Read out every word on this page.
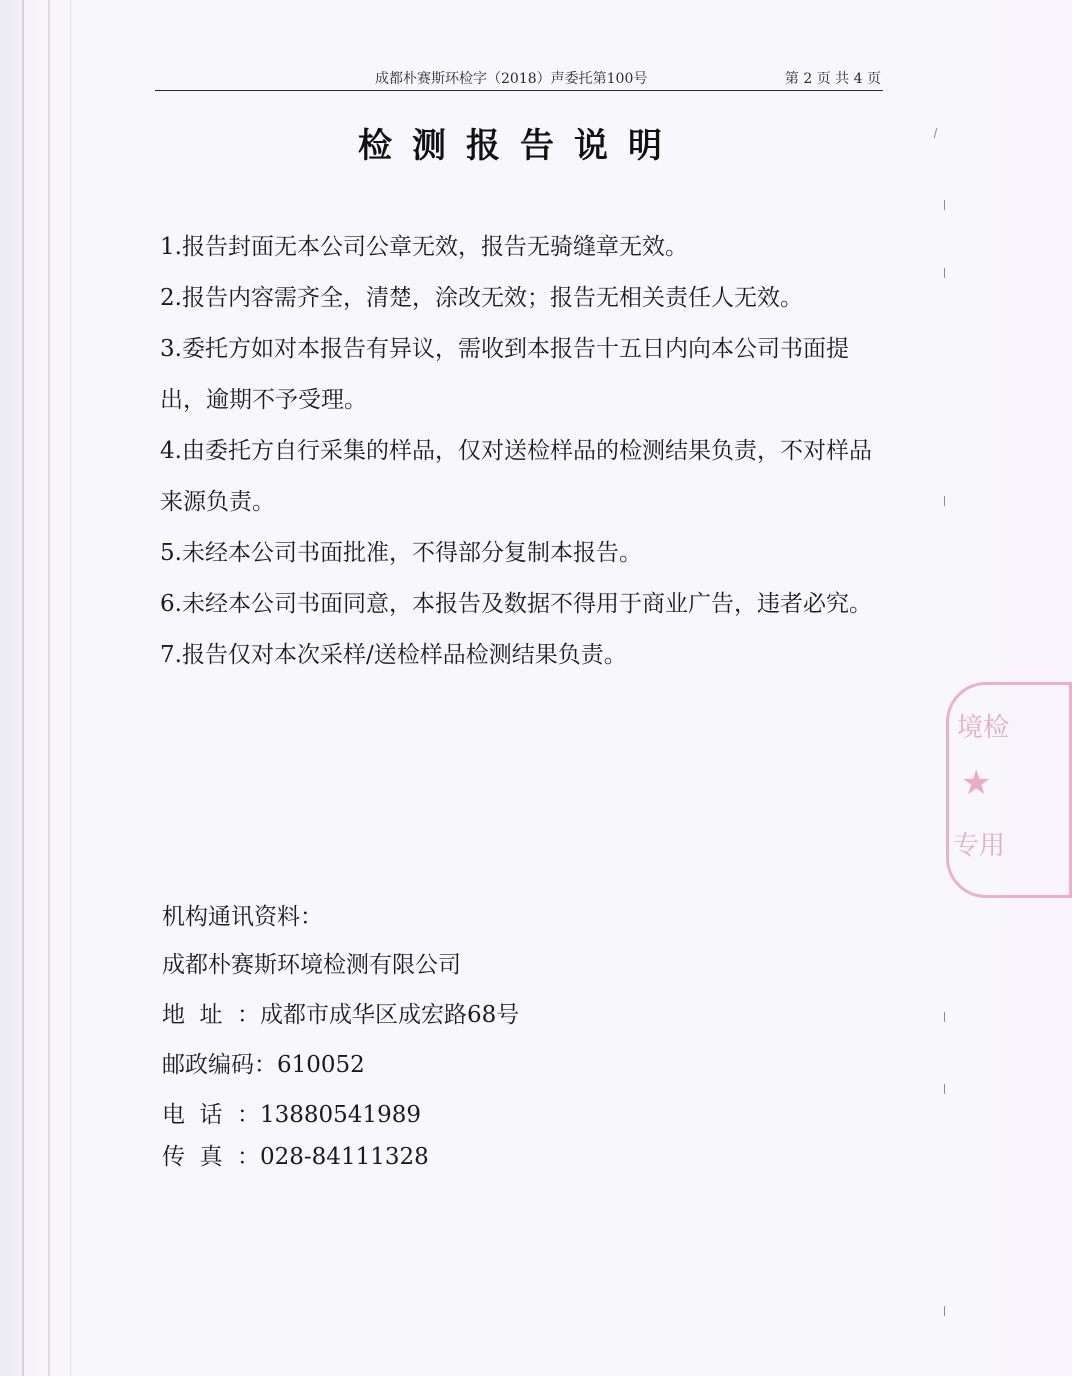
成都朴赛斯环检字（2018）声委托第100号	第 2 页 共 4 页
检测报告说明

1.报告封面无本公司公章无效，报告无骑缝章无效。

2.报告内容需齐全，清楚，涂改无效；报告无相关责任人无效。

3.委托方如对本报告有异议，需收到本报告十五日内向本公司书面提出，逾期不予受理。

4.由委托方自行采集的样品，仅对送检样品的检测结果负责，不对样品来源负责。

5.未经本公司书面批准，不得部分复制本报告。

6.未经本公司书面同意，本报告及数据不得用于商业广告，违者必究。

7.报告仅对本次采样/送检样品检测结果负责。

机构通讯资料：
成都朴赛斯环境检测有限公司
地址：成都市成华区成宏路68号
邮政编码：610052
电话：13880541989
传真：028-84111328
境检
★
专用
